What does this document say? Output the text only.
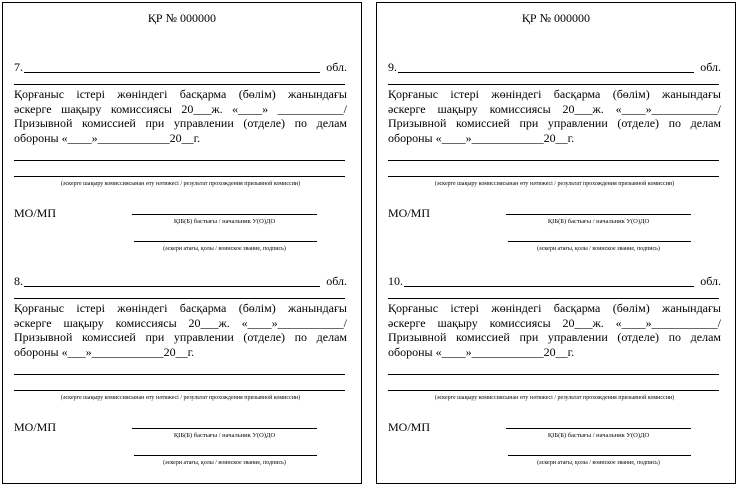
ҚР № 000000
7.	обл.
Қорғаныс істері жөніндегі басқарма (бөлім) жанындағы
әскерге шақыру комиссиясы 20___ж. «____» ___________/
Призывной комиссией при управлении (отделе) по делам
обороны «____»____________20__г.
(әскерге шақыру комиссиясынан өту нәтижесі / результат прохождения призывной комиссии)
МО/МП
ҚІБ(Б) бастығы / начальник У(О)ДО
(әскери атағы, қолы / воинское звание, подпись)
8.	обл.
Қорғаныс істері жөніндегі басқарма (бөлім) жанындағы
әскерге шақыру комиссиясы 20___ж. «____»___________/
Призывной комиссией при управлении (отделе) по делам
обороны «___»____________20__г.
(әскерге шақыру комиссиясынан өту нәтижесі / результат прохождения призывной комиссии)
МО/МП
ҚІБ(Б) бастығы / начальник У(О)ДО
(әскери атағы, қолы / воинское звание, подпись)
ҚР № 000000
9.	обл.
Қорғаныс істері жөніндегі басқарма (бөлім) жанындағы
әскерге шақыру комиссиясы 20___ж. «____»___________/
Призывной комиссией при управлении (отделе) по делам
обороны «____»____________20__г.
(әскерге шақыру комиссиясынан өту нәтижесі / результат прохождения призывной комиссии)
МО/МП
ҚІБ(Б) бастығы / начальник У(О)ДО
(әскери атағы, қолы / воинское звание, подпись)
10.	обл.
Қорғаныс істері жөніндегі басқарма (бөлім) жанындағы
әскерге шақыру комиссиясы 20___ж. «____»___________/
Призывной комиссией при управлении (отделе) по делам
обороны «____»____________20__г.
(әскерге шақыру комиссиясынан өту нәтижесі / результат прохождения призывной комиссии)
МО/МП
ҚІБ(Б) бастығы / начальник У(О)ДО
(әскери атағы, қолы / воинское звание, подпись)
